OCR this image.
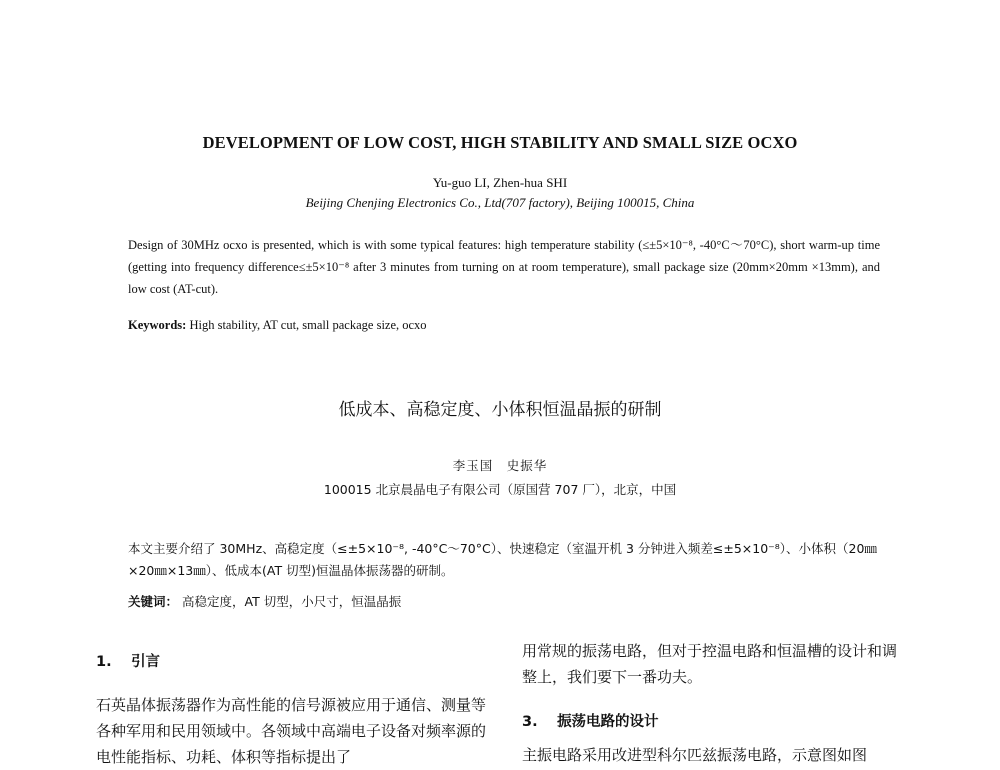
DEVELOPMENT OF LOW COST, HIGH STABILITY AND SMALL SIZE OCXO
Yu-guo LI, Zhen-hua SHI
Beijing Chenjing Electronics Co., Ltd(707 factory), Beijing 100015, China
Design of 30MHz ocxo is presented, which is with some typical features: high temperature stability (≤±5×10⁻⁸, -40°C～70°C), short warm-up time (getting into frequency difference≤±5×10⁻⁸ after 3 minutes from turning on at room temperature), small package size (20mm×20mm ×13mm), and low cost (AT-cut).
Keywords: High stability, AT cut, small package size, ocxo
低成本、高稳定度、小体积恒温晶振的研制
李玉国　史振华
100015 北京晨晶电子有限公司（原国营 707 厂），北京，中国
本文主要介绍了 30MHz、高稳定度（≤±5×10⁻⁸, -40°C～70°C）、快速稳定（室温开机 3 分钟进入频差≤±5×10⁻⁸）、小体积（20㎜×20㎜×13㎜）、低成本(AT 切型)恒温晶体振荡器的研制。
关键词： 高稳定度，AT 切型，小尺寸，恒温晶振
1. 引言
石英晶体振荡器作为高性能的信号源被应用于通信、测量等各种军用和民用领域中。各领域中高端电子设备对频率源的电性能指标、功耗、体积等指标提出了
用常规的振荡电路，但对于控温电路和恒温槽的设计和调整上，我们要下一番功夫。
3. 振荡电路的设计
主振电路采用改进型科尔匹兹振荡电路，示意图如图
